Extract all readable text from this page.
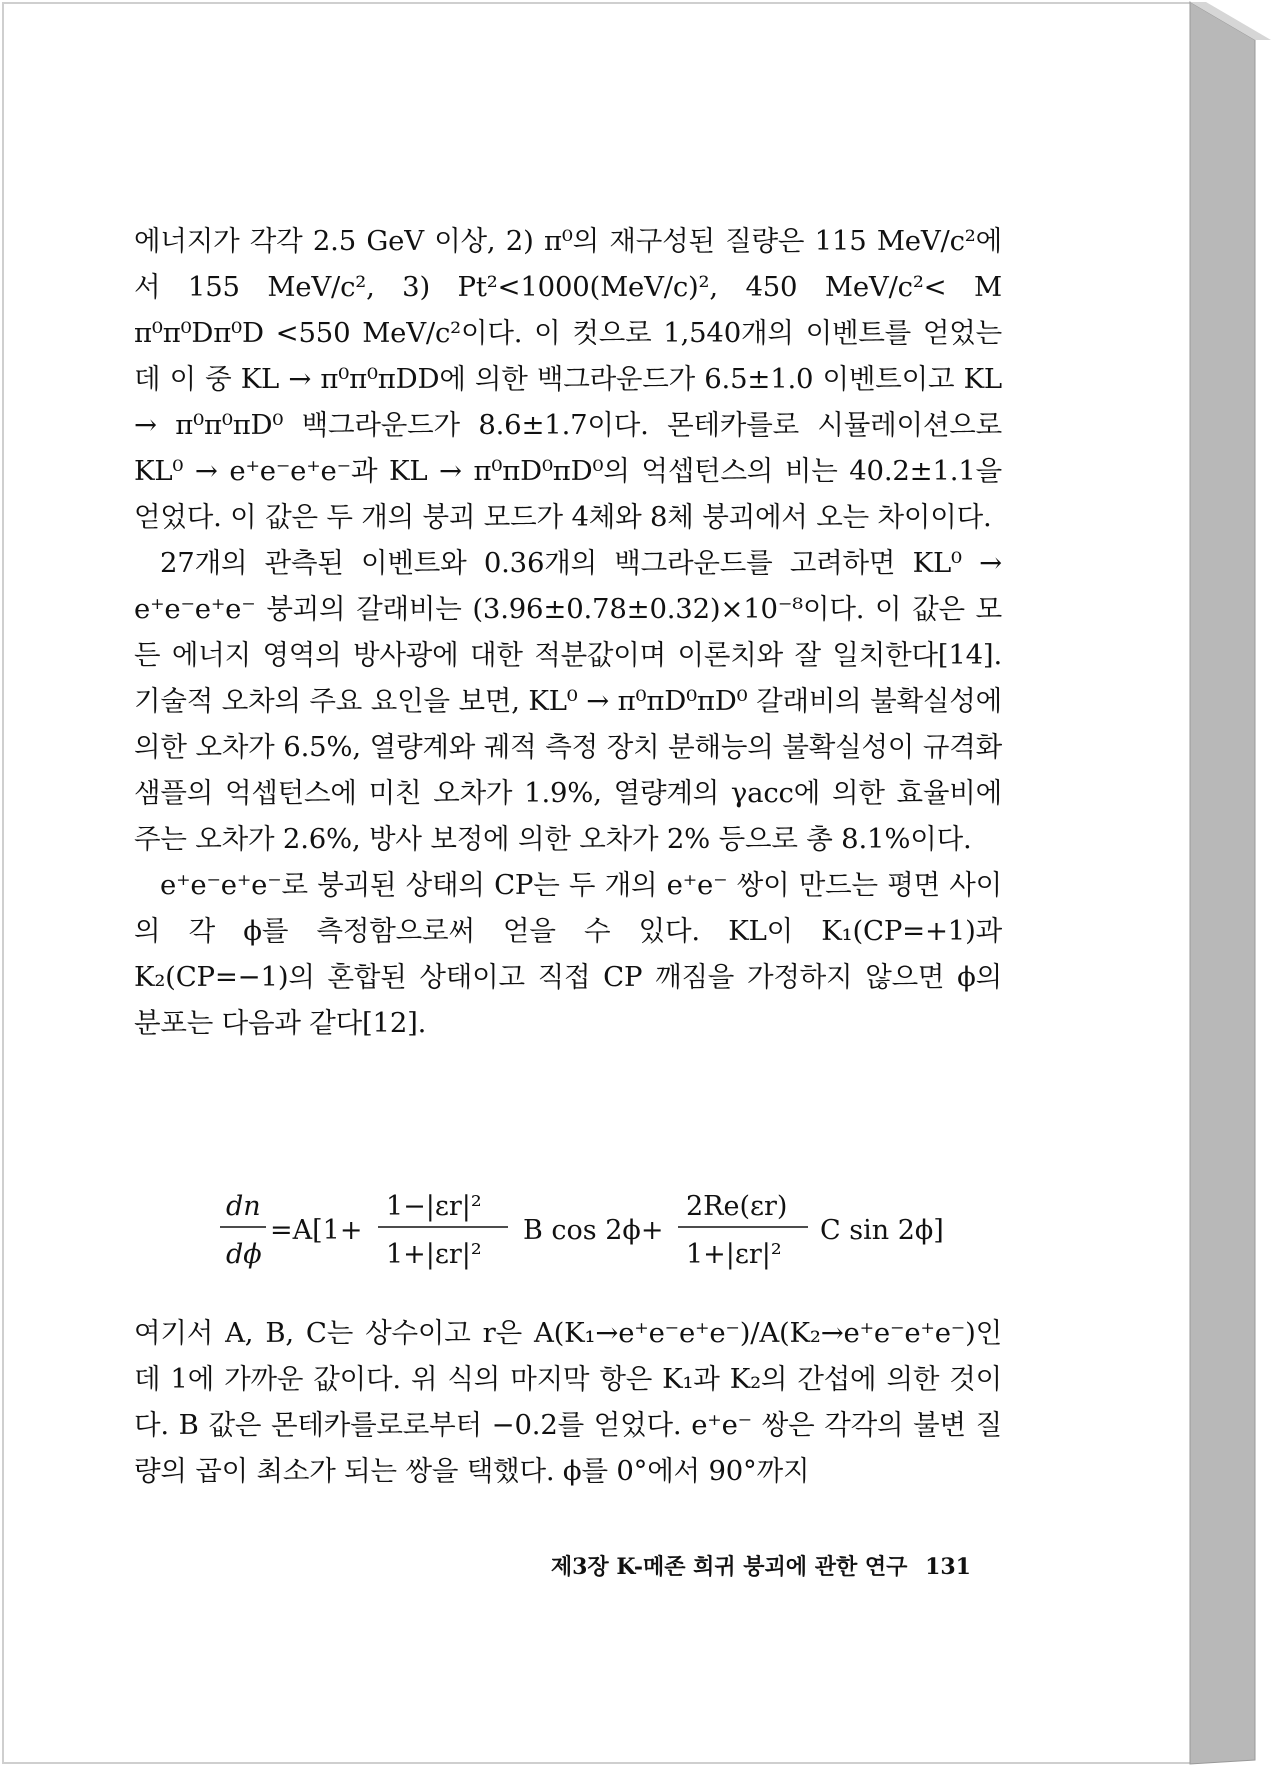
에너지가 각각 2.5 GeV 이상, 2) π⁰의 재구성된 질량은 115 MeV/c²에서 155 MeV/c², 3) Pt²<1000(MeV/c)², 450 MeV/c²< M π⁰π⁰Dπ⁰D <550 MeV/c²이다. 이 컷으로 1,540개의 이벤트를 얻었는데 이 중 KL → π⁰π⁰πDD에 의한 백그라운드가 6.5±1.0 이벤트이고 KL → π⁰π⁰πD⁰ 백그라운드가 8.6±1.7이다. 몬테카를로 시뮬레이션으로 KL⁰ → e⁺e⁻e⁺e⁻과 KL → π⁰πD⁰πD⁰의 억셉턴스의 비는 40.2±1.1을 얻었다. 이 값은 두 개의 붕괴 모드가 4체와 8체 붕괴에서 오는 차이이다.

27개의 관측된 이벤트와 0.36개의 백그라운드를 고려하면 KL⁰ → e⁺e⁻e⁺e⁻ 붕괴의 갈래비는 (3.96±0.78±0.32)×10⁻⁸이다. 이 값은 모든 에너지 영역의 방사광에 대한 적분값이며 이론치와 잘 일치한다[14]. 기술적 오차의 주요 요인을 보면, KL⁰ → π⁰πD⁰πD⁰ 갈래비의 불확실성에 의한 오차가 6.5%, 열량계와 궤적 측정 장치 분해능의 불확실성이 규격화 샘플의 억셉턴스에 미친 오차가 1.9%, 열량계의 γacc에 의한 효율비에 주는 오차가 2.6%, 방사 보정에 의한 오차가 2% 등으로 총 8.1%이다.

e⁺e⁻e⁺e⁻로 붕괴된 상태의 CP는 두 개의 e⁺e⁻ 쌍이 만드는 평면 사이의 각 ϕ를 측정함으로써 얻을 수 있다. KL이 K₁(CP=+1)과 K₂(CP=−1)의 혼합된 상태이고 직접 CP 깨짐을 가정하지 않으면 ϕ의 분포는 다음과 같다[12].

dn
dϕ
=A[1+
1−|εr|²
1+|εr|²
B cos 2ϕ+
2Re(εr)
1+|εr|²
C sin 2ϕ]

여기서 A, B, C는 상수이고 r은 A(K₁→e⁺e⁻e⁺e⁻)/A(K₂→e⁺e⁻e⁺e⁻)인데 1에 가까운 값이다. 위 식의 마지막 항은 K₁과 K₂의 간섭에 의한 것이다. B 값은 몬테카를로로부터 −0.2를 얻었다. e⁺e⁻ 쌍은 각각의 불변 질량의 곱이 최소가 되는 쌍을 택했다. ϕ를 0°에서 90°까지

제3장 K-메존 희귀 붕괴에 관한 연구 131
